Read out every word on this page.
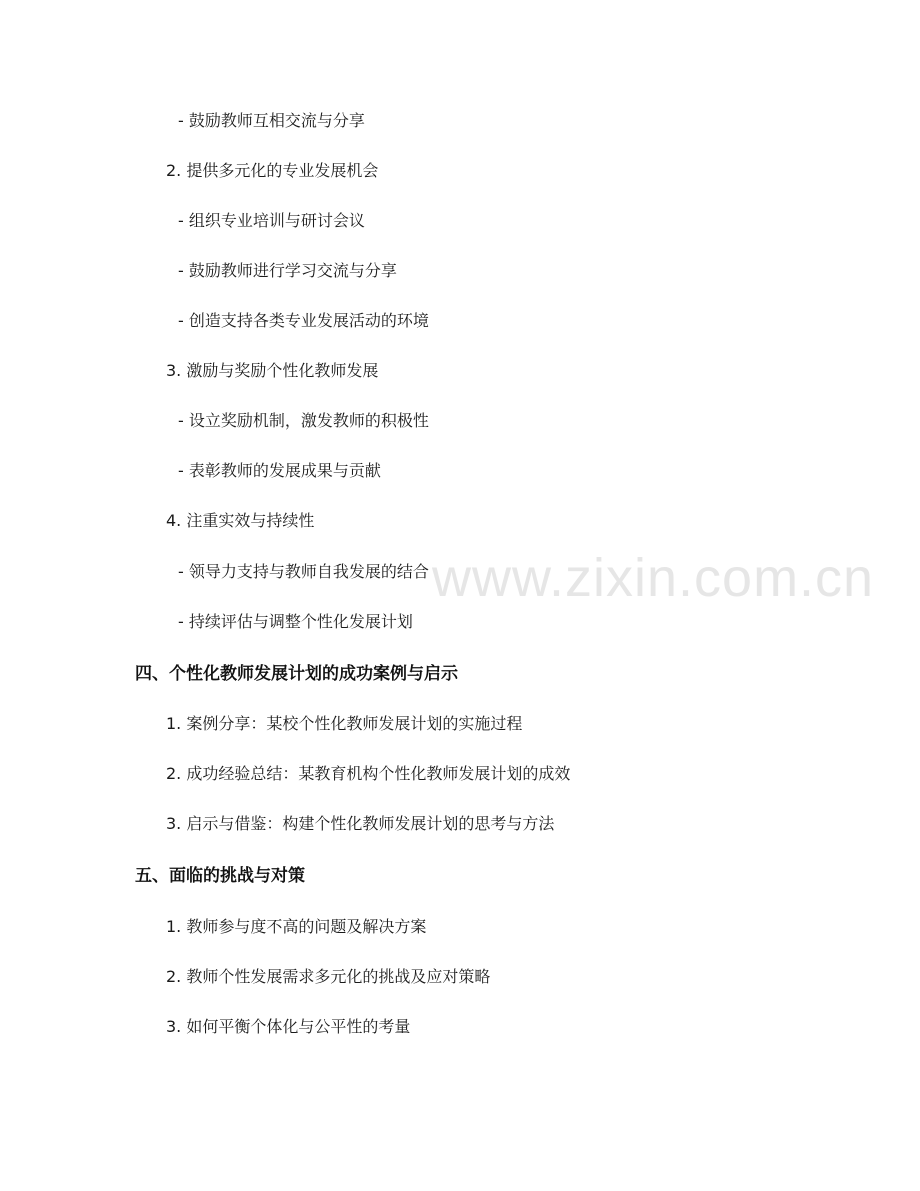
www.zixin.com.cn
- 鼓励教师互相交流与分享
2. 提供多元化的专业发展机会
- 组织专业培训与研讨会议
- 鼓励教师进行学习交流与分享
- 创造支持各类专业发展活动的环境
3. 激励与奖励个性化教师发展
- 设立奖励机制，激发教师的积极性
- 表彰教师的发展成果与贡献
4. 注重实效与持续性
- 领导力支持与教师自我发展的结合
- 持续评估与调整个性化发展计划
四、个性化教师发展计划的成功案例与启示
1. 案例分享：某校个性化教师发展计划的实施过程
2. 成功经验总结：某教育机构个性化教师发展计划的成效
3. 启示与借鉴：构建个性化教师发展计划的思考与方法
五、面临的挑战与对策
1. 教师参与度不高的问题及解决方案
2. 教师个性发展需求多元化的挑战及应对策略
3. 如何平衡个体化与公平性的考量
